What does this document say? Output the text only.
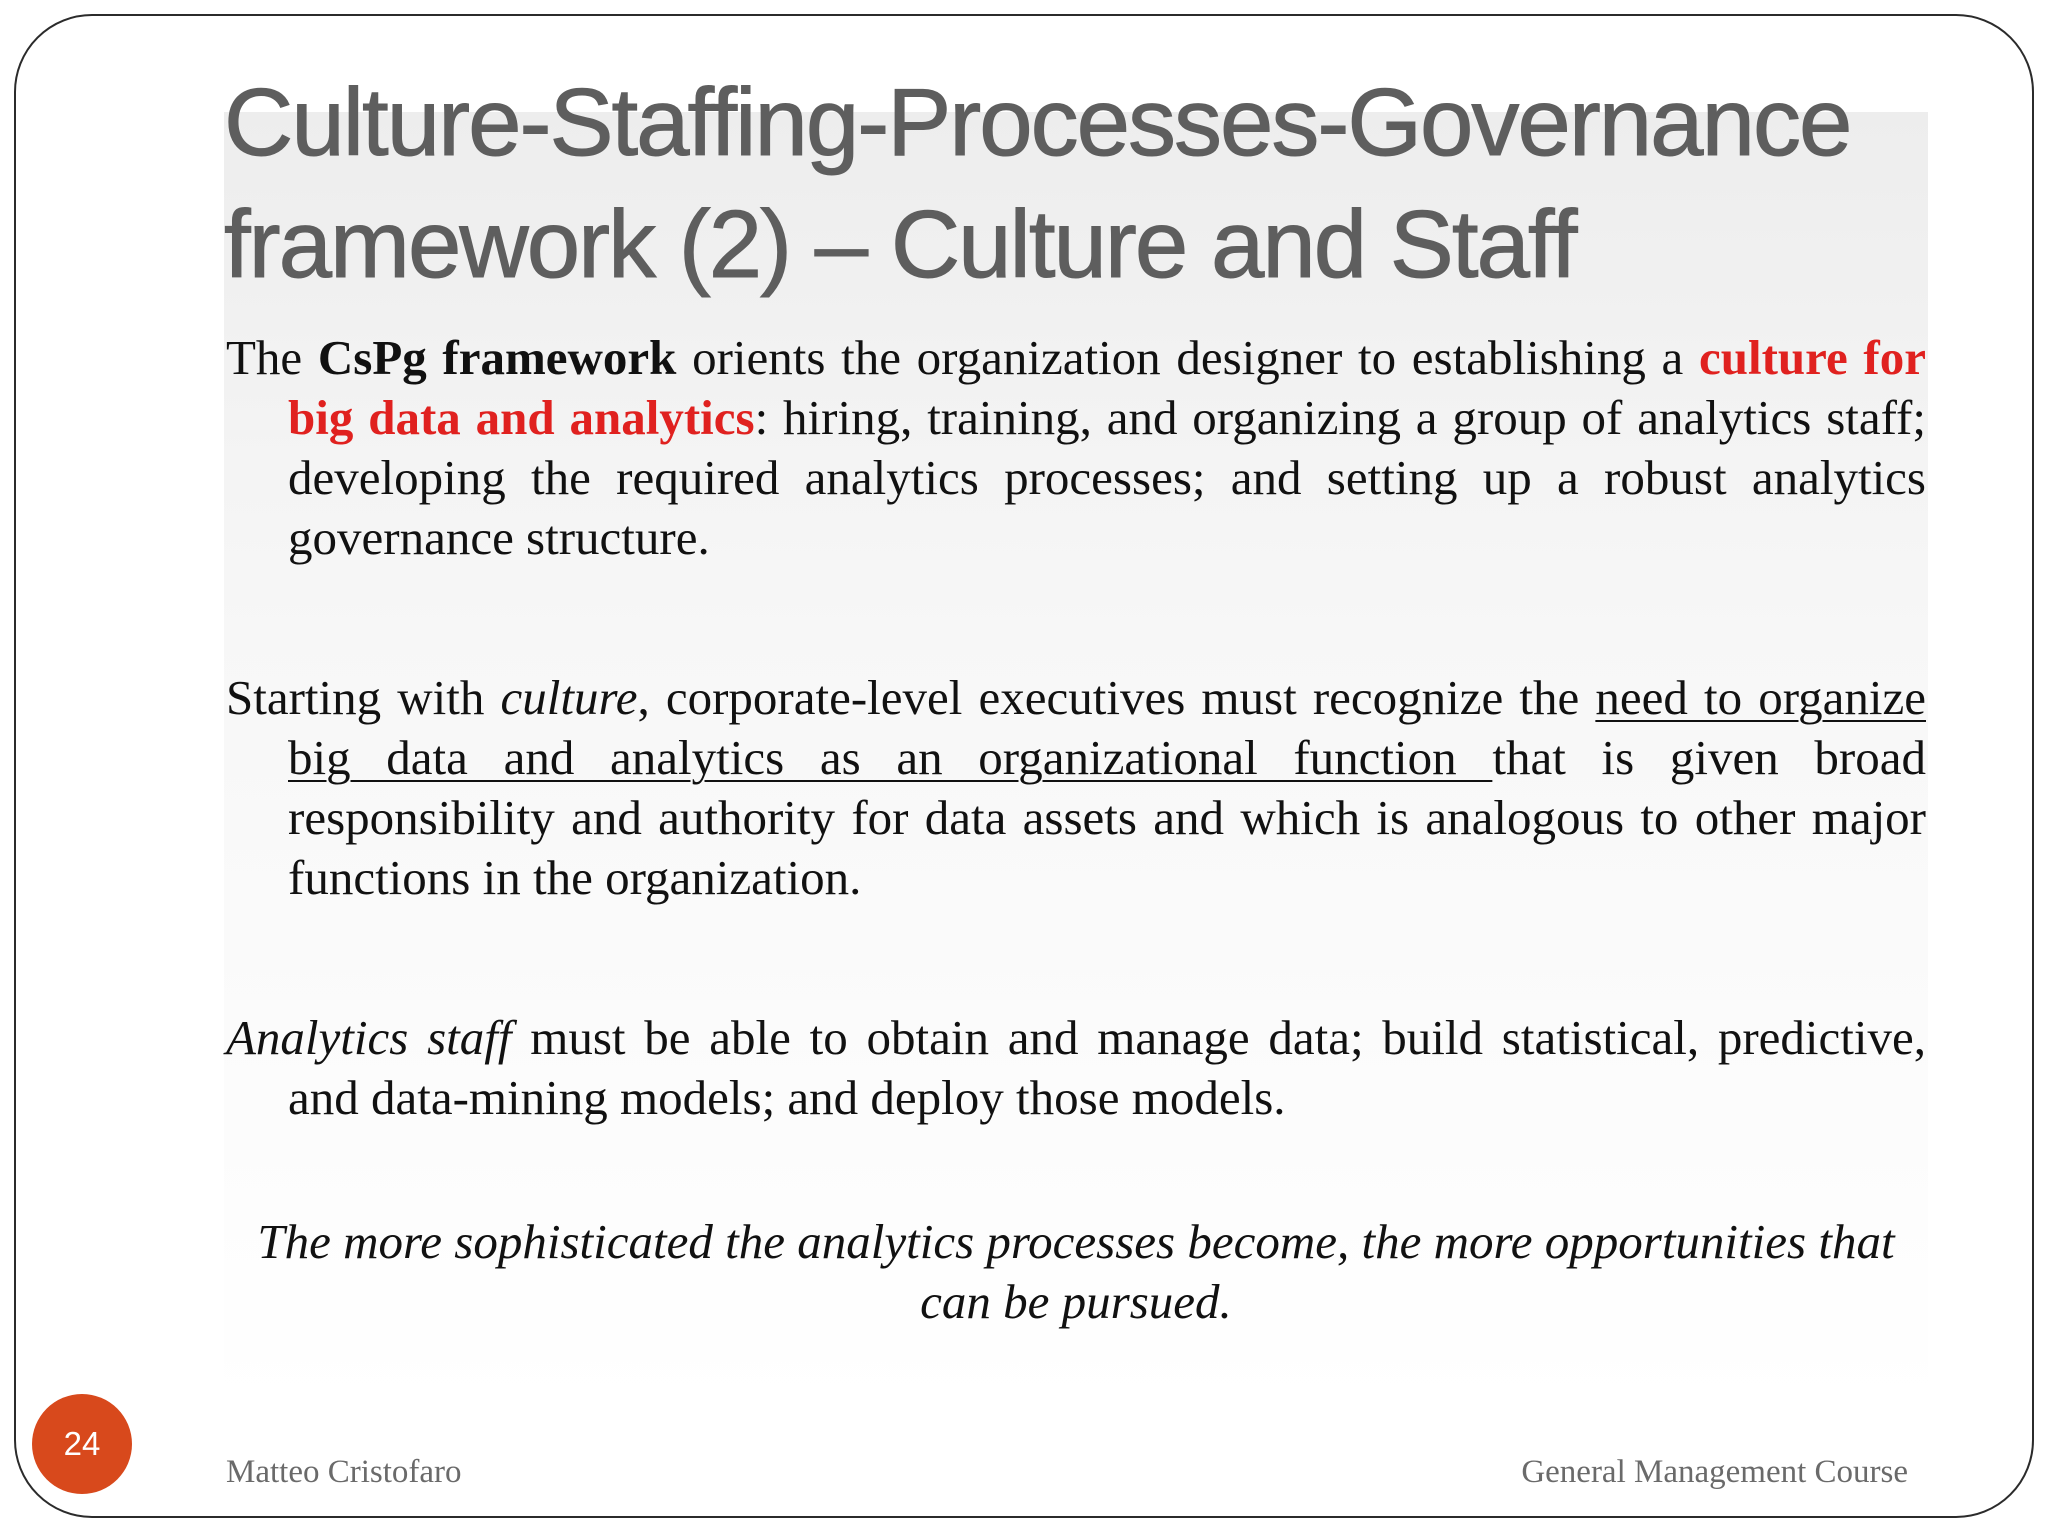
Culture-Staffing-Processes-Governance
framework (2) – Culture and Staff

The CsPg framework orients the organization designer to establishing a culture for big data and analytics: hiring, training, and organizing a group of analytics staff; developing the required analytics processes; and setting up a robust analytics governance structure.

Starting with culture, corporate-level executives must recognize the need to organize big data and analytics as an organizational function that is given broad responsibility and authority for data assets and which is analogous to other major functions in the organization.

Analytics staff must be able to obtain and manage data; build statistical, predictive, and data-mining models; and deploy those models.

The more sophisticated the analytics processes become, the more opportunities that
can be pursued.

24
Matteo Cristofaro	General Management Course
